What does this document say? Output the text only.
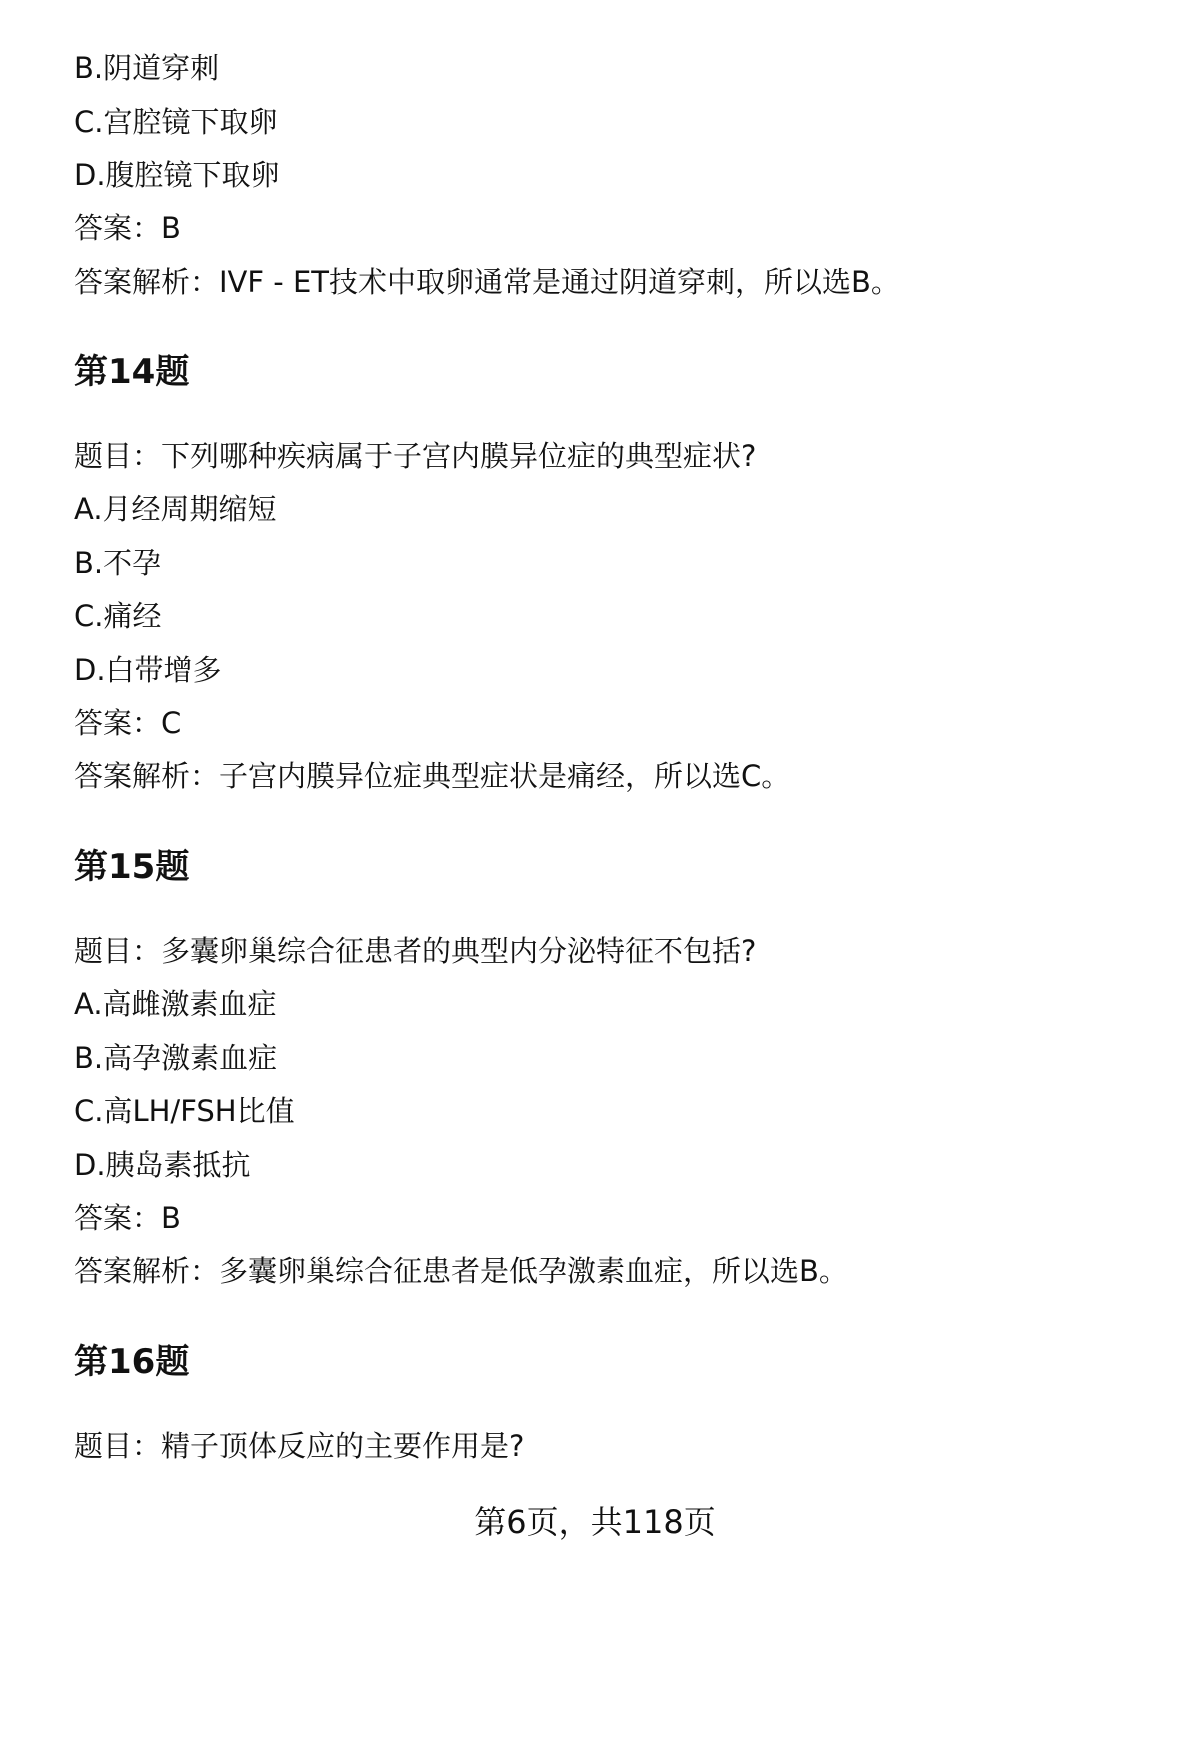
B.阴道穿刺
C.宫腔镜下取卵
D.腹腔镜下取卵
答案：B
答案解析：IVF - ET技术中取卵通常是通过阴道穿刺，所以选B。
第14题
题目：下列哪种疾病属于子宫内膜异位症的典型症状?
A.月经周期缩短
B.不孕
C.痛经
D.白带增多
答案：C
答案解析：子宫内膜异位症典型症状是痛经，所以选C。
第15题
题目：多囊卵巢综合征患者的典型内分泌特征不包括?
A.高雌激素血症
B.高孕激素血症
C.高LH/FSH比值
D.胰岛素抵抗
答案：B
答案解析：多囊卵巢综合征患者是低孕激素血症，所以选B。
第16题
题目：精子顶体反应的主要作用是?
第6页，共118页
